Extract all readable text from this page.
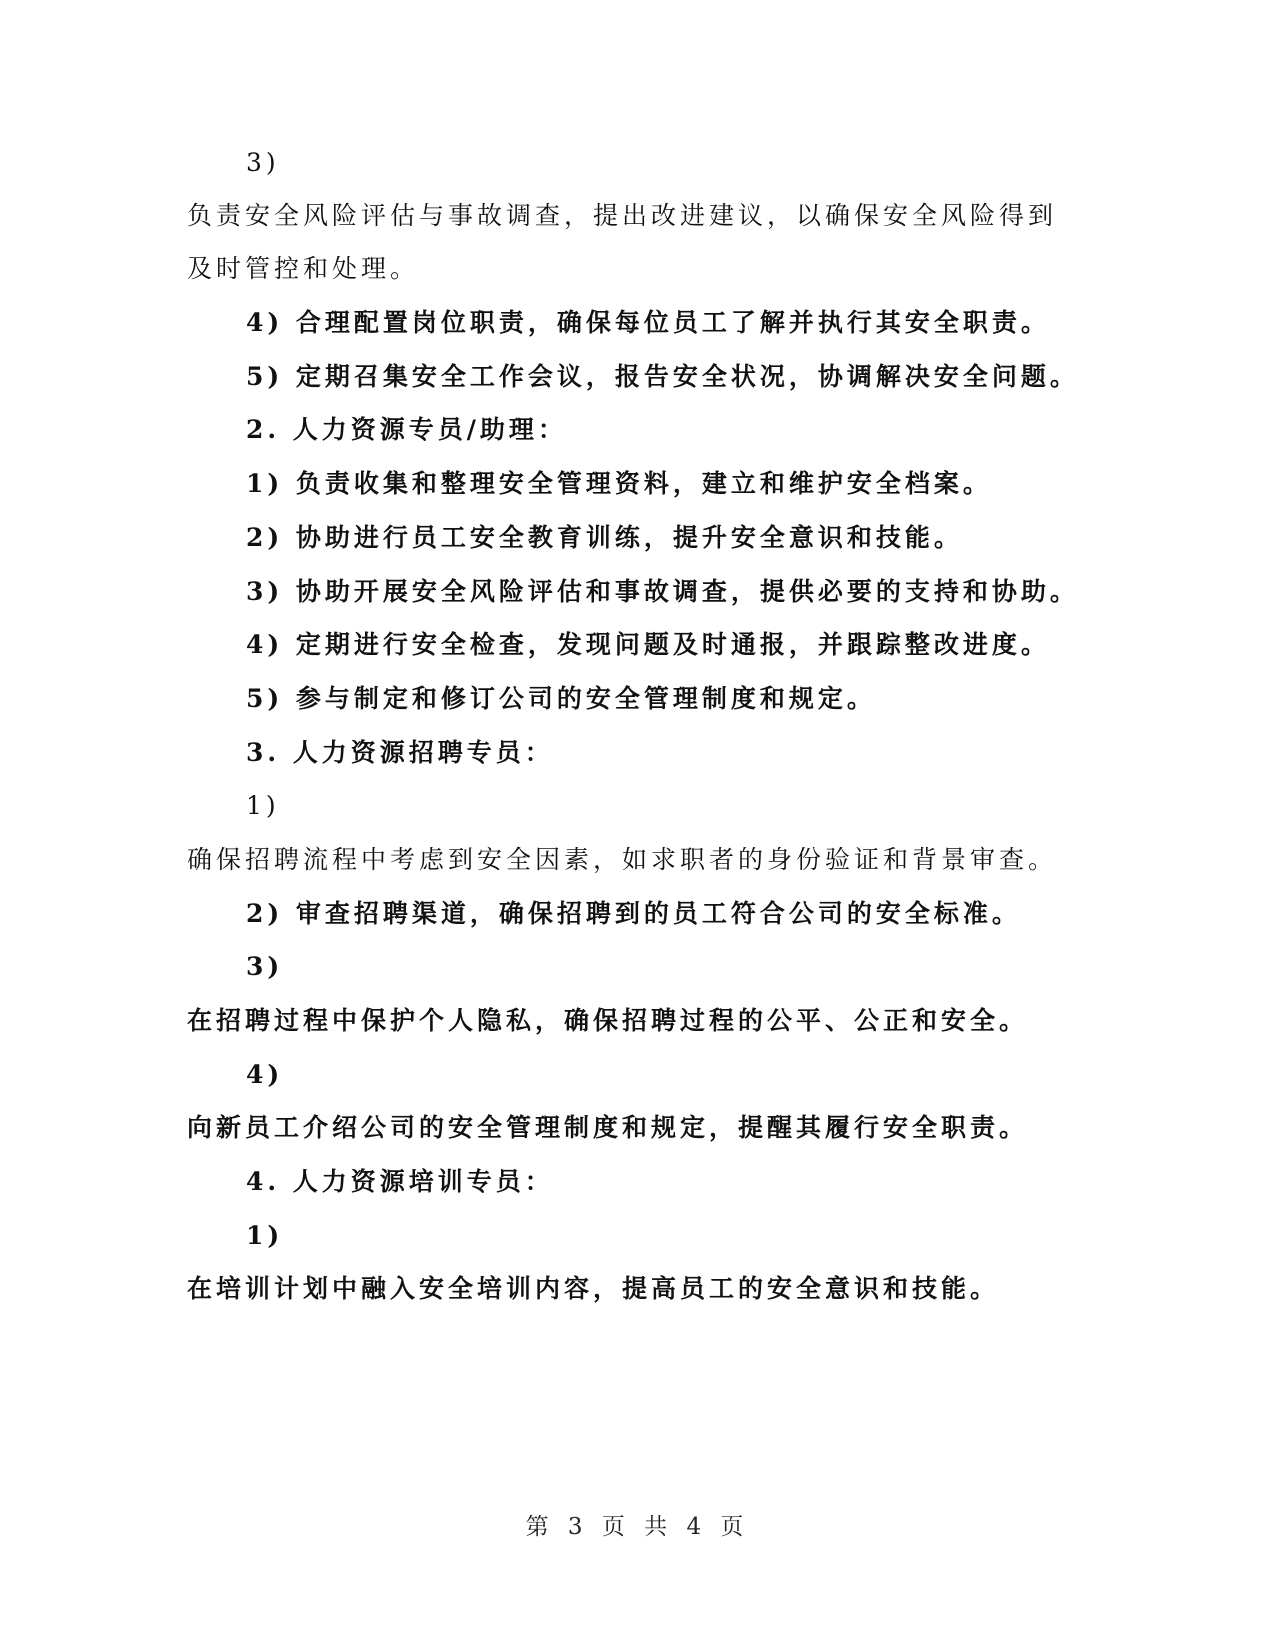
3)
负责安全风险评估与事故调查，提出改进建议，以确保安全风险得到
及时管控和处理。
4) 合理配置岗位职责，确保每位员工了解并执行其安全职责。
5) 定期召集安全工作会议，报告安全状况，协调解决安全问题。
2. 人力资源专员/助理：
1) 负责收集和整理安全管理资料，建立和维护安全档案。
2) 协助进行员工安全教育训练，提升安全意识和技能。
3) 协助开展安全风险评估和事故调查，提供必要的支持和协助。
4) 定期进行安全检查，发现问题及时通报，并跟踪整改进度。
5) 参与制定和修订公司的安全管理制度和规定。
3. 人力资源招聘专员：
1)
确保招聘流程中考虑到安全因素，如求职者的身份验证和背景审查。
2) 审查招聘渠道，确保招聘到的员工符合公司的安全标准。
3)
在招聘过程中保护个人隐私，确保招聘过程的公平、公正和安全。
4)
向新员工介绍公司的安全管理制度和规定，提醒其履行安全职责。
4. 人力资源培训专员：
1)
在培训计划中融入安全培训内容，提高员工的安全意识和技能。
第 3 页 共 4 页
